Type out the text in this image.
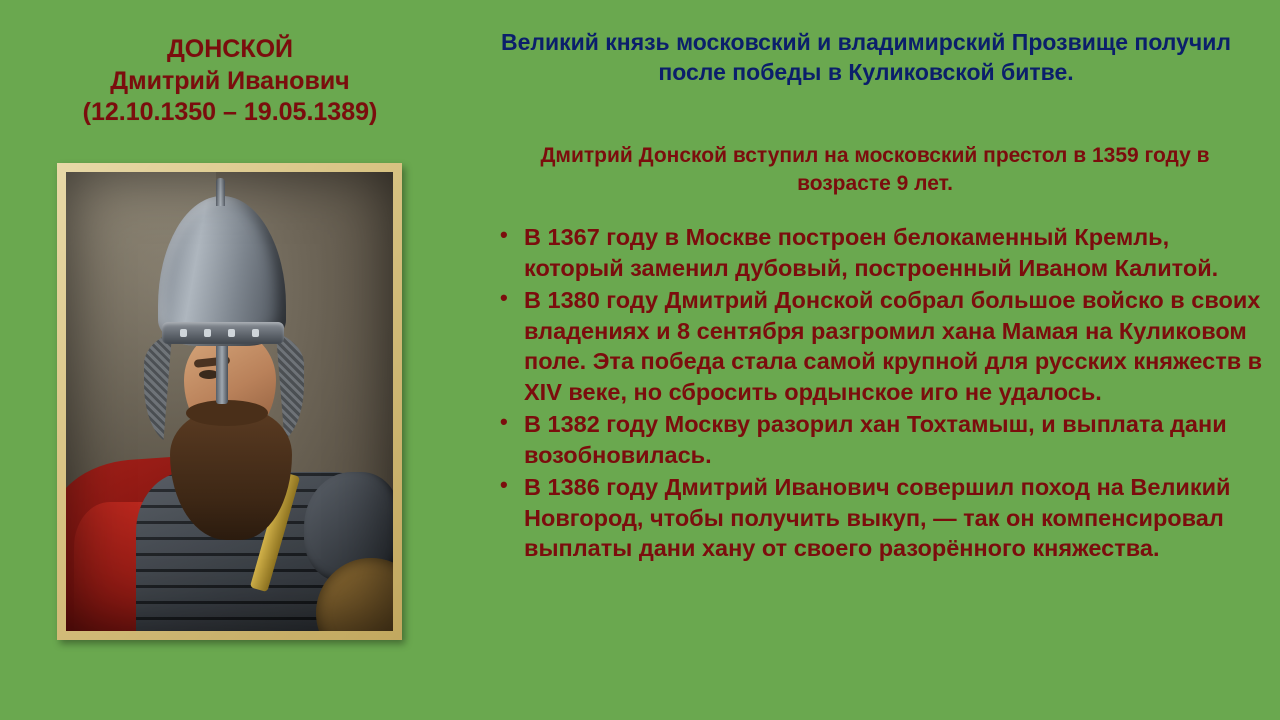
ДОНСКОЙ
Дмитрий Иванович
(12.10.1350 – 19.05.1389)
Великий князь московский и владимирский Прозвище получил после победы в Куликовской битве.
Дмитрий Донской вступил на московский престол в 1359 году в возрасте 9 лет.
• В 1367 году в Москве построен белокаменный Кремль, который заменил дубовый, построенный Иваном Калитой.
• В 1380 году Дмитрий Донской собрал большое войско в своих владениях и 8 сентября разгромил хана Мамая на Куликовом поле. Эта победа стала самой крупной для русских княжеств в XIV веке, но сбросить ордынское иго не удалось.
• В 1382 году Москву разорил хан Тохтамыш, и выплата дани возобновилась.
• В 1386 году Дмитрий Иванович совершил поход на Великий Новгород, чтобы получить выкуп, — так он компенсировал выплаты дани хану от своего разорённого княжества.
